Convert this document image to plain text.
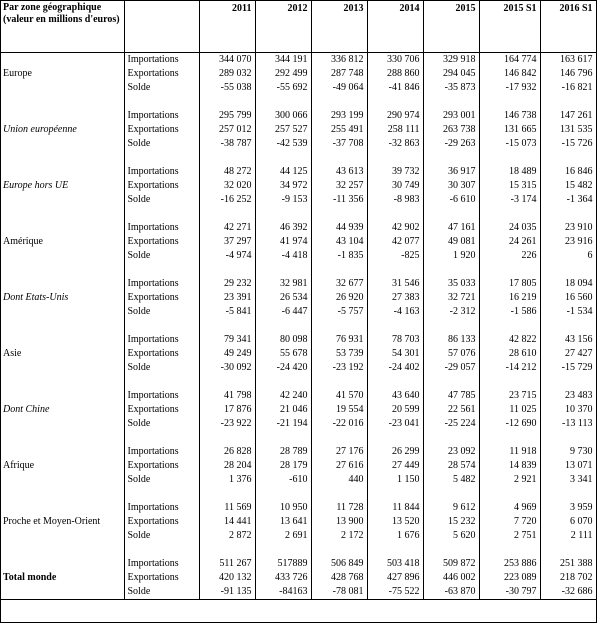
Par zone géographique (valeur en millions d'euros)		2011	2012	2013	2014	2015	2015 S1	2016 S1
	Importations	344 070	344 191	336 812	330 706	329 918	164 774	163 617
Europe	Exportations	289 032	292 499	287 748	288 860	294 045	146 842	146 796
	Solde	-55 038	-55 692	-49 064	-41 846	-35 873	-17 932	-16 821

	Importations	295 799	300 066	293 199	290 974	293 001	146 738	147 261
Union européenne	Exportations	257 012	257 527	255 491	258 111	263 738	131 665	131 535
	Solde	-38 787	-42 539	-37 708	-32 863	-29 263	-15 073	-15 726

	Importations	48 272	44 125	43 613	39 732	36 917	18 489	16 846
Europe hors UE	Exportations	32 020	34 972	32 257	30 749	30 307	15 315	15 482
	Solde	-16 252	-9 153	-11 356	-8 983	-6 610	-3 174	-1 364

	Importations	42 271	46 392	44 939	42 902	47 161	24 035	23 910
Amérique	Exportations	37 297	41 974	43 104	42 077	49 081	24 261	23 916
	Solde	-4 974	-4 418	-1 835	-825	1 920	226	6

	Importations	29 232	32 981	32 677	31 546	35 033	17 805	18 094
Dont Etats-Unis	Exportations	23 391	26 534	26 920	27 383	32 721	16 219	16 560
	Solde	-5 841	-6 447	-5 757	-4 163	-2 312	-1 586	-1 534

	Importations	79 341	80 098	76 931	78 703	86 133	42 822	43 156
Asie	Exportations	49 249	55 678	53 739	54 301	57 076	28 610	27 427
	Solde	-30 092	-24 420	-23 192	-24 402	-29 057	-14 212	-15 729

	Importations	41 798	42 240	41 570	43 640	47 785	23 715	23 483
Dont Chine	Exportations	17 876	21 046	19 554	20 599	22 561	11 025	10 370
	Solde	-23 922	-21 194	-22 016	-23 041	-25 224	-12 690	-13 113

	Importations	26 828	28 789	27 176	26 299	23 092	11 918	9 730
Afrique	Exportations	28 204	28 179	27 616	27 449	28 574	14 839	13 071
	Solde	1 376	-610	440	1 150	5 482	2 921	3 341

	Importations	11 569	10 950	11 728	11 844	9 612	4 969	3 959
Proche et Moyen-Orient	Exportations	14 441	13 641	13 900	13 520	15 232	7 720	6 070
	Solde	2 872	2 691	2 172	1 676	5 620	2 751	2 111

	Importations	511 267	517889	506 849	503 418	509 872	253 886	251 388
Total monde	Exportations	420 132	433 726	428 768	427 896	446 002	223 089	218 702
	Solde	-91 135	-84163	-78 081	-75 522	-63 870	-30 797	-32 686
